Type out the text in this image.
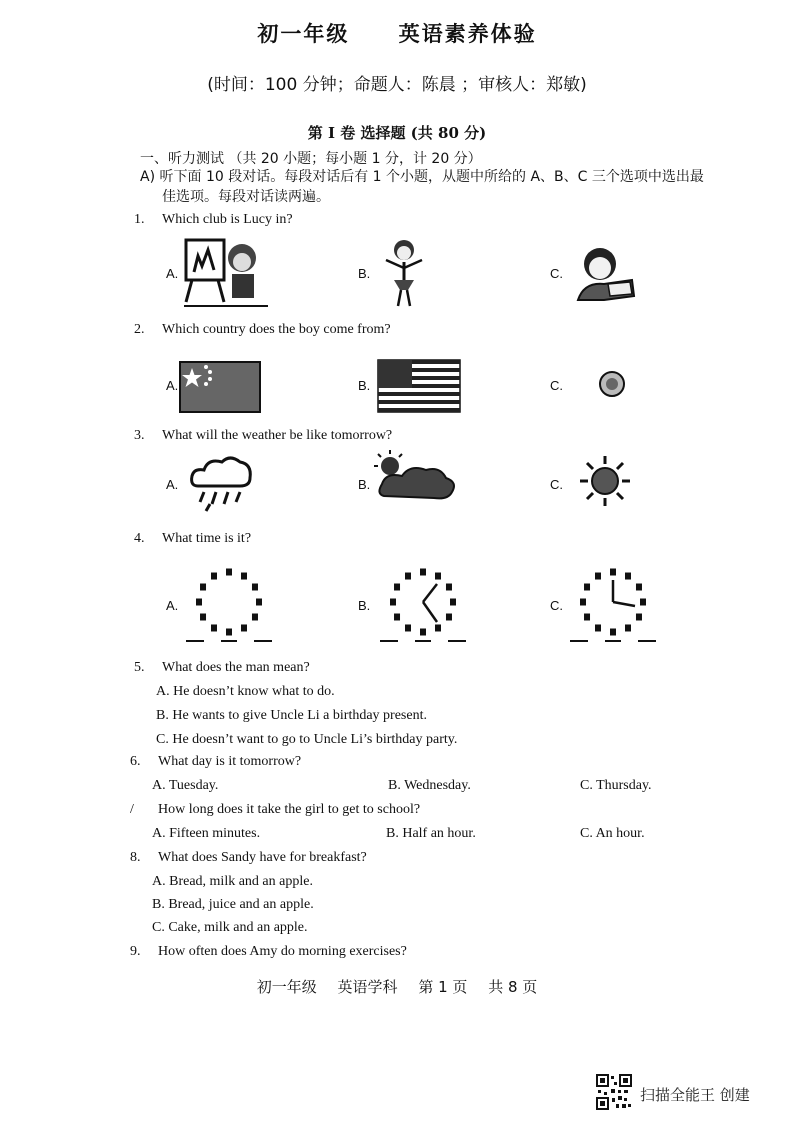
初一年级 英语素养体验
(时间：100 分钟；命题人：陈晨 ；审核人：郑敏)
第 I 卷 选择题 (共 80 分)
一、听力测试 （共 20 小题；每小题 1 分，计 20 分）
A) 听下面 10 段对话。每段对话后有 1 个小题，从题中所给的 A、B、C 三个选项中选出最
佳选项。每段对话读两遍。
1. Which club is Lucy in?
A.	B.	C.
2. Which country does the boy come from?
A.	B.	C.
3. What will the weather be like tomorrow?
A.	B.	C.
4. What time is it?
A.	B.	C.
5. What does the man mean?
A. He doesn’t know what to do.
B. He wants to give Uncle Li a birthday present.
C. He doesn’t want to go to Uncle Li’s birthday party.
6. What day is it tomorrow?
A. Tuesday.	B. Wednesday.	C. Thursday.
/ How long does it take the girl to get to school?
A. Fifteen minutes.	B. Half an hour.	C. An hour.
8. What does Sandy have for breakfast?
A. Bread, milk and an apple.
B. Bread, juice and an apple.
C. Cake, milk and an apple.
9. How often does Amy do morning exercises?
初一年级 英语学科 第 1 页 共 8 页
扫描全能王 创建
